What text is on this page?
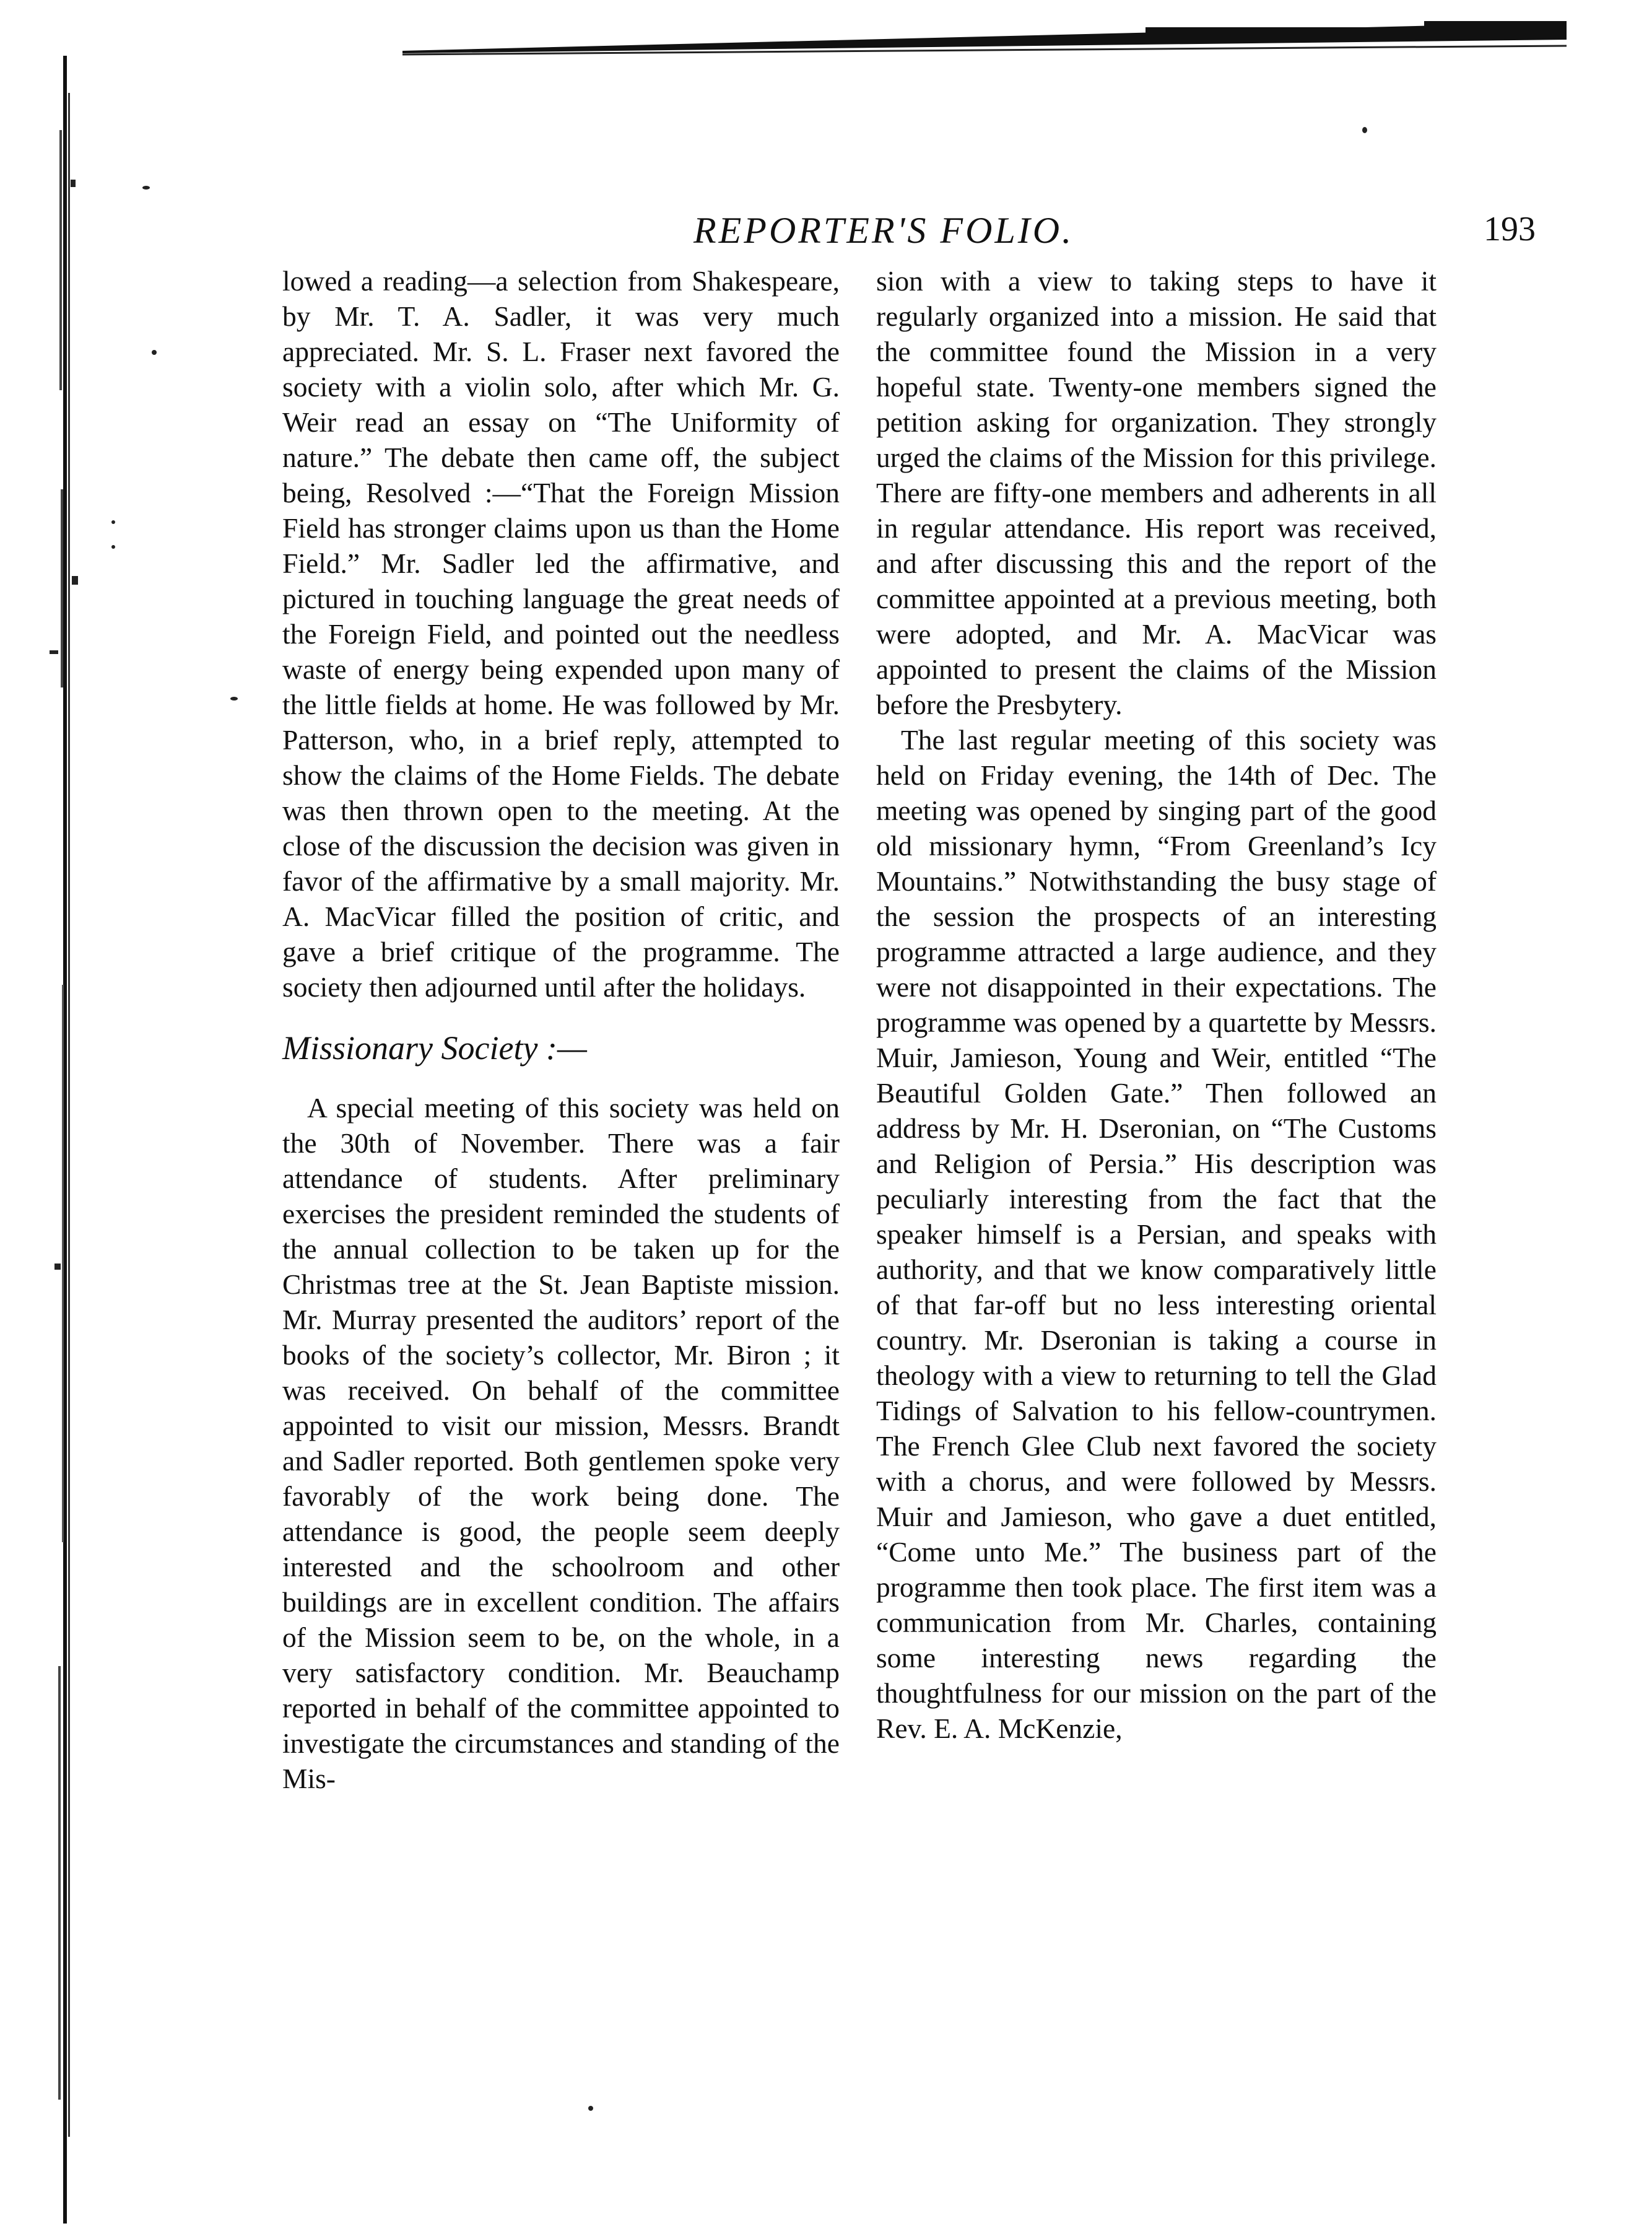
REPORTER'S FOLIO.	193

lowed a reading—a selection from Shakespeare, by Mr. T. A. Sadler, it was very much appreciated. Mr. S. L. Fraser next favored the society with a violin solo, after which Mr. G. Weir read an essay on “The Uniformity of nature.” The debate then came off, the subject being, Resolved :—“That the Foreign Mission Field has stronger claims upon us than the Home Field.” Mr. Sadler led the affirmative, and pictured in touching language the great needs of the Foreign Field, and pointed out the needless waste of energy being expended upon many of the little fields at home. He was followed by Mr. Patterson, who, in a brief reply, attempted to show the claims of the Home Fields. The debate was then thrown open to the meeting. At the close of the discussion the decision was given in favor of the affirmative by a small majority. Mr. A. MacVicar filled the position of critic, and gave a brief critique of the programme. The society then adjourned until after the holidays.

Missionary Society :—

A special meeting of this society was held on the 30th of November. There was a fair attendance of students. After preliminary exercises the president reminded the students of the annual collection to be taken up for the Christmas tree at the St. Jean Baptiste mission. Mr. Murray presented the auditors’ report of the books of the society’s collector, Mr. Biron ; it was received. On behalf of the committee appointed to visit our mission, Messrs. Brandt and Sadler reported. Both gentlemen spoke very favorably of the work being done. The attendance is good, the people seem deeply interested and the schoolroom and other buildings are in excellent condition. The affairs of the Mission seem to be, on the whole, in a very satisfactory condition. Mr. Beauchamp reported in behalf of the committee appointed to investigate the circumstances and standing of the Mis-

sion with a view to taking steps to have it regularly organized into a mission. He said that the committee found the Mission in a very hopeful state. Twenty-one members signed the petition asking for organization. They strongly urged the claims of the Mission for this privilege. There are fifty-one members and adherents in all in regular attendance. His report was received, and after discussing this and the report of the committee appointed at a previous meeting, both were adopted, and Mr. A. MacVicar was appointed to present the claims of the Mission before the Presbytery.

The last regular meeting of this society was held on Friday evening, the 14th of Dec. The meeting was opened by singing part of the good old missionary hymn, “From Greenland’s Icy Mountains.” Notwithstanding the busy stage of the session the prospects of an interesting programme attracted a large audience, and they were not disappointed in their expectations. The programme was opened by a quartette by Messrs. Muir, Jamieson, Young and Weir, entitled “The Beautiful Golden Gate.” Then followed an address by Mr. H. Dseronian, on “The Customs and Religion of Persia.” His description was peculiarly interesting from the fact that the speaker himself is a Persian, and speaks with authority, and that we know comparatively little of that far-off but no less interesting oriental country. Mr. Dseronian is taking a course in theology with a view to returning to tell the Glad Tidings of Salvation to his fellow-countrymen. The French Glee Club next favored the society with a chorus, and were followed by Messrs. Muir and Jamieson, who gave a duet entitled, “Come unto Me.” The business part of the programme then took place. The first item was a communication from Mr. Charles, containing some interesting news regarding the thoughtfulness for our mission on the part of the Rev. E. A. McKenzie,
